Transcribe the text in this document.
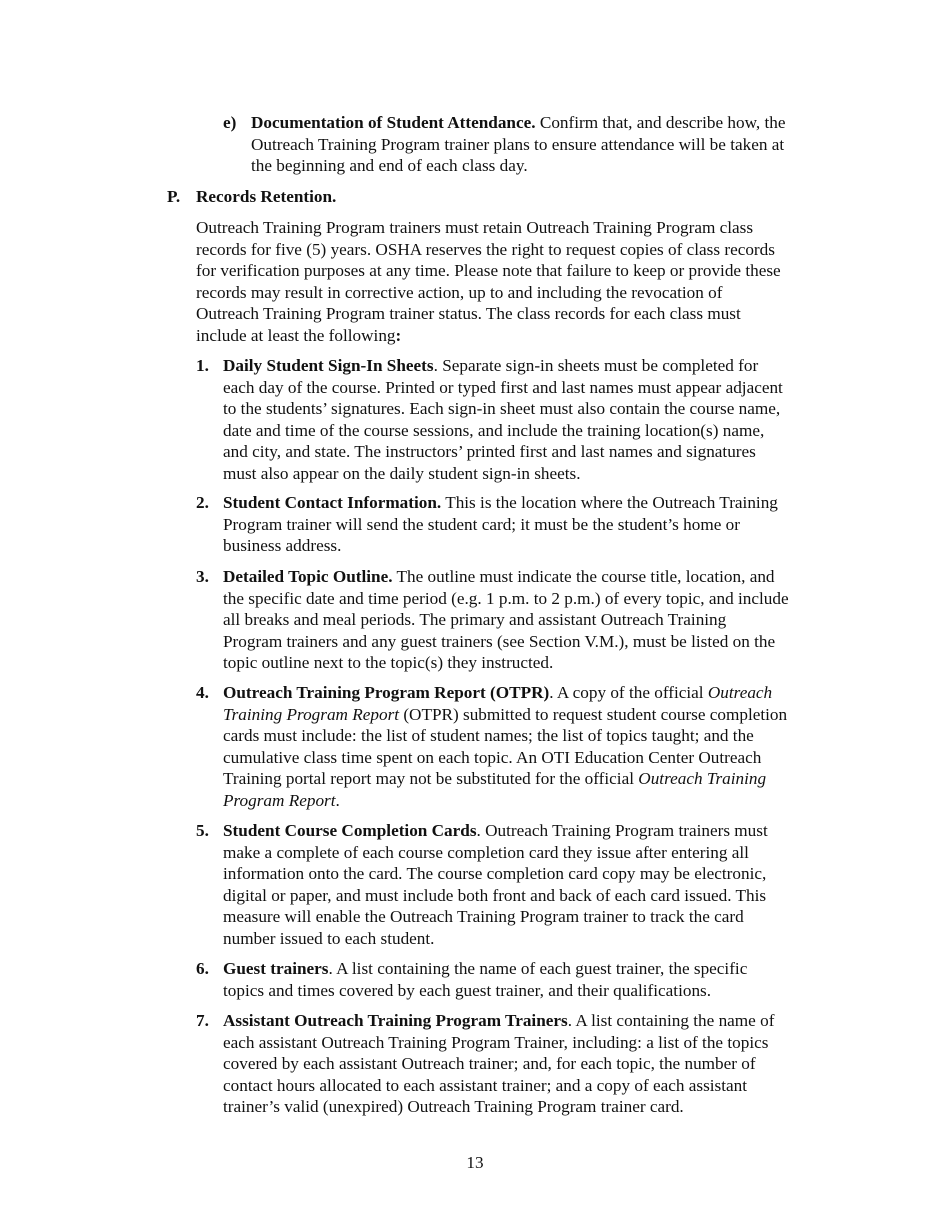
e) Documentation of Student Attendance. Confirm that, and describe how, the

Outreach Training Program trainer plans to ensure attendance will be taken at

the beginning and end of each class day.

P. Records Retention.

Outreach Training Program trainers must retain Outreach Training Program class

records for five (5) years. OSHA reserves the right to request copies of class records

for verification purposes at any time. Please note that failure to keep or provide these

records may result in corrective action, up to and including the revocation of

Outreach Training Program trainer status. The class records for each class must

include at least the following:

1. Daily Student Sign-In Sheets. Separate sign-in sheets must be completed for

each day of the course. Printed or typed first and last names must appear adjacent

to the students’ signatures. Each sign-in sheet must also contain the course name,

date and time of the course sessions, and include the training location(s) name,

and city, and state. The instructors’ printed first and last names and signatures

must also appear on the daily student sign-in sheets.

2. Student Contact Information. This is the location where the Outreach Training

Program trainer will send the student card; it must be the student’s home or

business address.

3. Detailed Topic Outline. The outline must indicate the course title, location, and

the specific date and time period (e.g. 1 p.m. to 2 p.m.) of every topic, and include

all breaks and meal periods. The primary and assistant Outreach Training

Program trainers and any guest trainers (see Section V.M.), must be listed on the

topic outline next to the topic(s) they instructed.

4. Outreach Training Program Report (OTPR). A copy of the official Outreach

Training Program Report (OTPR) submitted to request student course completion

cards must include: the list of student names; the list of topics taught; and the

cumulative class time spent on each topic. An OTI Education Center Outreach

Training portal report may not be substituted for the official Outreach Training

Program Report.

5. Student Course Completion Cards. Outreach Training Program trainers must

make a complete of each course completion card they issue after entering all

information onto the card. The course completion card copy may be electronic,

digital or paper, and must include both front and back of each card issued. This

measure will enable the Outreach Training Program trainer to track the card

number issued to each student.

6. Guest trainers. A list containing the name of each guest trainer, the specific

topics and times covered by each guest trainer, and their qualifications.

7. Assistant Outreach Training Program Trainers. A list containing the name of

each assistant Outreach Training Program Trainer, including: a list of the topics

covered by each assistant Outreach trainer; and, for each topic, the number of

contact hours allocated to each assistant trainer; and a copy of each assistant

trainer’s valid (unexpired) Outreach Training Program trainer card.

13
